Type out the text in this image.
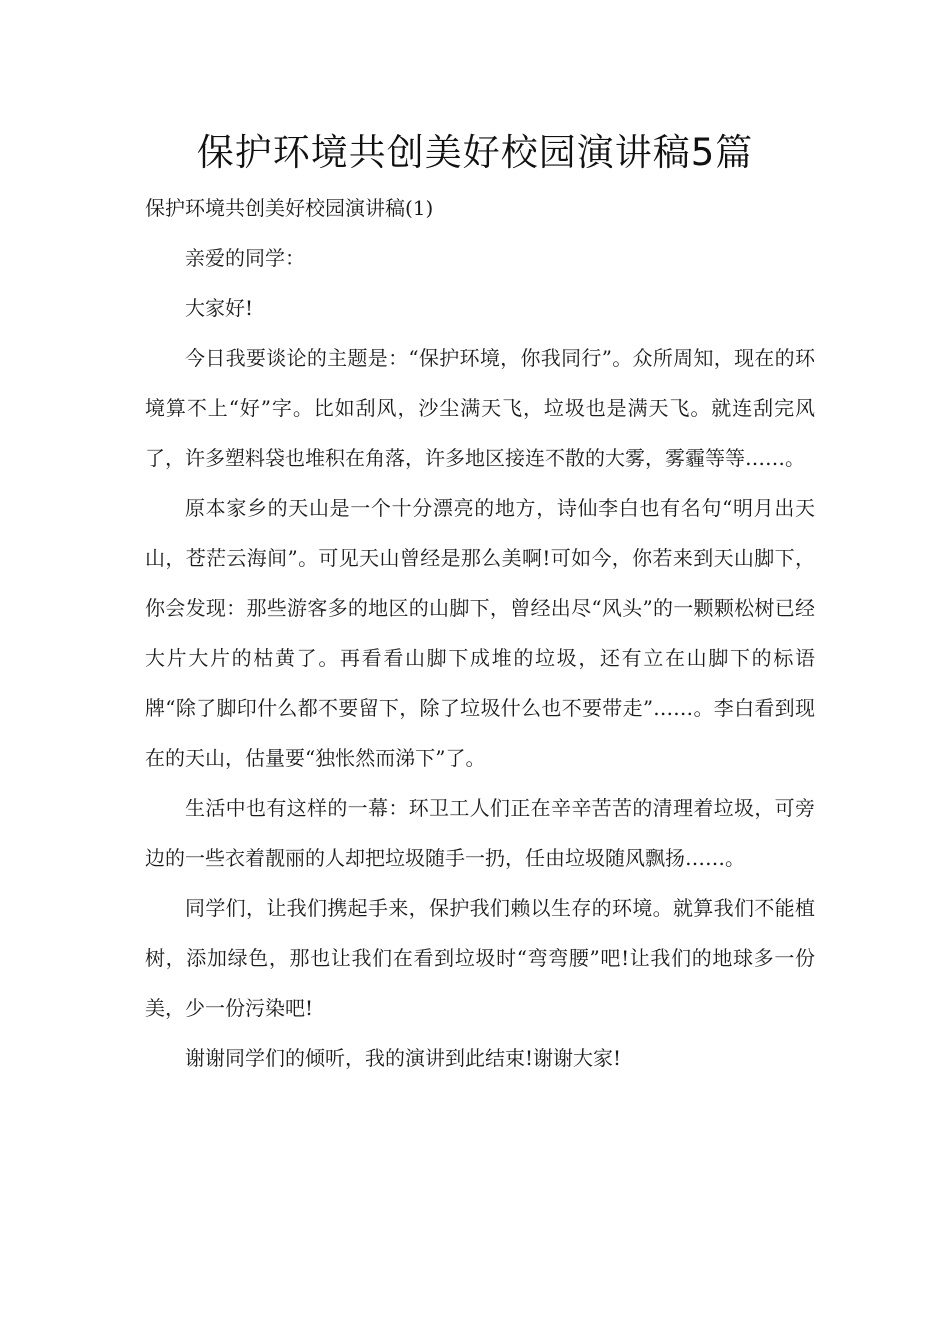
保护环境共创美好校园演讲稿5篇

保护环境共创美好校园演讲稿(1)

亲爱的同学：

大家好!

今日我要谈论的主题是：“保护环境，你我同行”。众所周知，现在的环境算不上“好”字。比如刮风，沙尘满天飞，垃圾也是满天飞。就连刮完风了，许多塑料袋也堆积在角落，许多地区接连不散的大雾，雾霾等等……。

原本家乡的天山是一个十分漂亮的地方，诗仙李白也有名句“明月出天山，苍茫云海间”。可见天山曾经是那么美啊!可如今，你若来到天山脚下，你会发现：那些游客多的地区的山脚下，曾经出尽“风头”的一颗颗松树已经大片大片的枯黄了。再看看山脚下成堆的垃圾，还有立在山脚下的标语牌“除了脚印什么都不要留下，除了垃圾什么也不要带走”……。李白看到现在的天山，估量要“独怅然而涕下”了。

生活中也有这样的一幕：环卫工人们正在辛辛苦苦的清理着垃圾，可旁边的一些衣着靓丽的人却把垃圾随手一扔，任由垃圾随风飘扬……。

同学们，让我们携起手来，保护我们赖以生存的环境。就算我们不能植树，添加绿色，那也让我们在看到垃圾时“弯弯腰”吧!让我们的地球多一份美，少一份污染吧!

谢谢同学们的倾听，我的演讲到此结束!谢谢大家!
